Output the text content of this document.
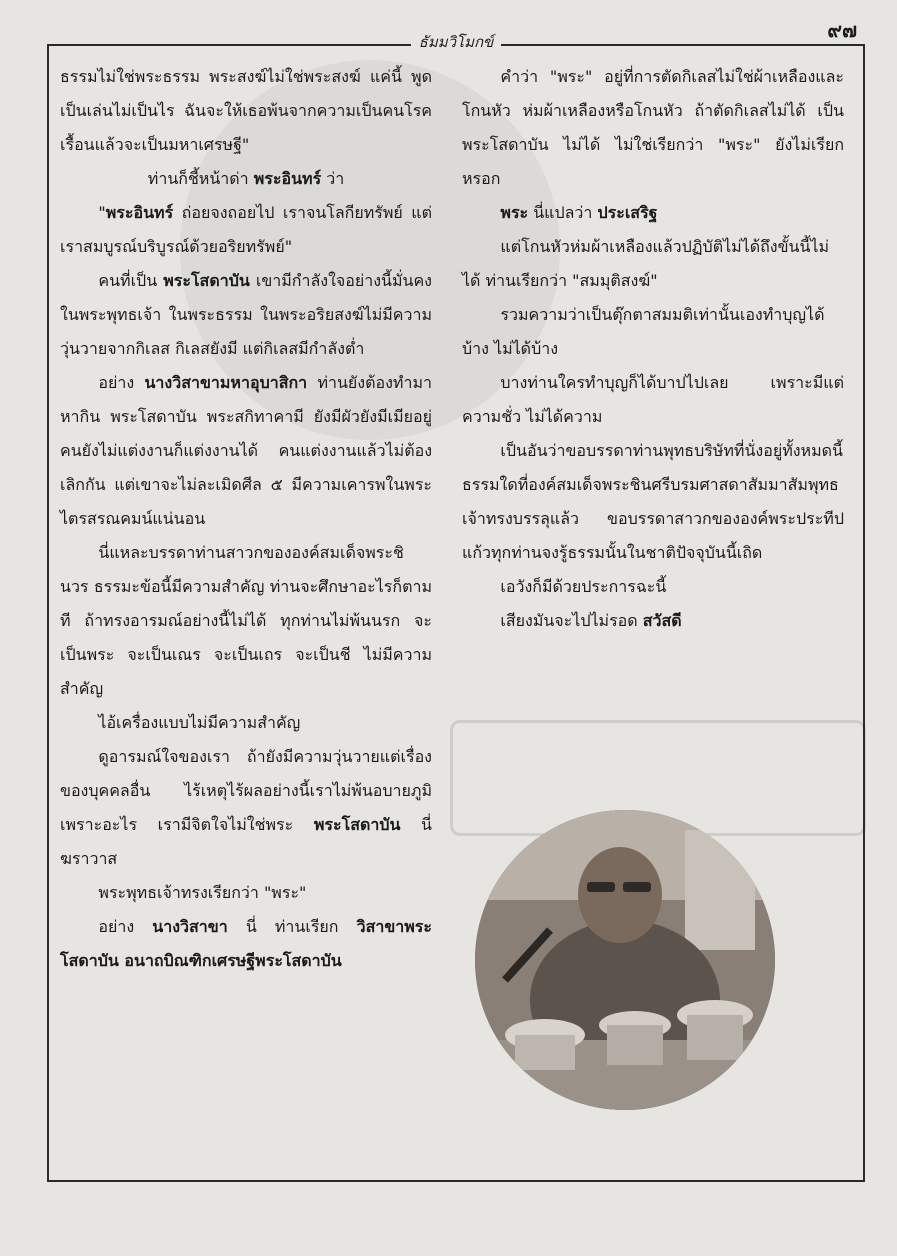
๙๗
ธัมมวิโมกข์

ธรรมไม่ใช่พระธรรม พระสงฆ์ไม่ใช่พระสงฆ์ แค่นี้ พูดเป็นเล่นไม่เป็นไร ฉันจะให้เธอพ้นจากความเป็นคนโรคเรื้อนแล้วจะเป็นมหาเศรษฐี"

ท่านก็ชี้หน้าด่า พระอินทร์ ว่า

"พระอินทร์ ถ่อยจงถอยไป เราจนโลกียทรัพย์ แต่เราสมบูรณ์บริบูรณ์ด้วยอริยทรัพย์"

คนที่เป็น พระโสดาบัน เขามีกำลังใจอย่างนี้มั่นคงในพระพุทธเจ้า ในพระธรรม ในพระอริยสงฆ์ไม่มีความวุ่นวายจากกิเลส กิเลสยังมี แต่กิเลสมีกำลังต่ำ

อย่าง นางวิสาขามหาอุบาสิกา ท่านยังต้องทำมาหากิน พระโสดาบัน พระสกิทาคามี ยังมีผัวยังมีเมียอยู่ คนยังไม่แต่งงานก็แต่งงานได้ คนแต่งงานแล้วไม่ต้องเลิกกัน แต่เขาจะไม่ละเมิดศีล ๕ มีความเคารพในพระไตรสรณคมน์แน่นอน

นี่แหละบรรดาท่านสาวกขององค์สมเด็จพระชินวร ธรรมะข้อนี้มีความสำคัญ ท่านจะศึกษาอะไรก็ตามที ถ้าทรงอารมณ์อย่างนี้ไม่ได้ ทุกท่านไม่พ้นนรก จะเป็นพระ จะเป็นเณร จะเป็นเถร จะเป็นชี ไม่มีความสำคัญ

ไอ้เครื่องแบบไม่มีความสำคัญ

ดูอารมณ์ใจของเรา ถ้ายังมีความวุ่นวายแต่เรื่องของบุคคลอื่น ไร้เหตุไร้ผลอย่างนี้เราไม่พ้นอบายภูมิ เพราะอะไร เรามีจิตใจไม่ใช่พระ พระโสดาบัน นี่ฆราวาส

พระพุทธเจ้าทรงเรียกว่า "พระ"

อย่าง นางวิสาขา นี่ ท่านเรียก วิสาขาพระโสดาบัน อนาถบิณฑิกเศรษฐีพระโสดาบัน

คำว่า "พระ" อยู่ที่การตัดกิเลสไม่ใช่ผ้าเหลืองและโกนหัว ห่มผ้าเหลืองหรือโกนหัว ถ้าตัดกิเลสไม่ได้ เป็นพระโสดาบัน ไม่ได้ ไม่ใช่เรียกว่า "พระ" ยังไม่เรียกหรอก

พระ นี่แปลว่า ประเสริฐ

แต่โกนหัวห่มผ้าเหลืองแล้วปฏิบัติไม่ได้ถึงขั้นนี้ไม่ได้ ท่านเรียกว่า "สมมุติสงฆ์"

รวมความว่าเป็นตุ๊กตาสมมติเท่านั้นเองทำบุญได้บ้าง ไม่ได้บ้าง

บางท่านใครทำบุญก็ได้บาปไปเลย เพราะมีแต่ความชั่ว ไม่ได้ความ

เป็นอันว่าขอบรรดาท่านพุทธบริษัทที่นั่งอยู่ทั้งหมดนี้ ธรรมใดที่องค์สมเด็จพระชินศรีบรมศาสดาสัมมาสัมพุทธเจ้าทรงบรรลุแล้ว ขอบรรดาสาวกขององค์พระประทีปแก้วทุกท่านจงรู้ธรรมนั้นในชาติปัจจุบันนี้เถิด

เอวังก็มีด้วยประการฉะนี้

เสียงมันจะไปไม่รอด สวัสดี
